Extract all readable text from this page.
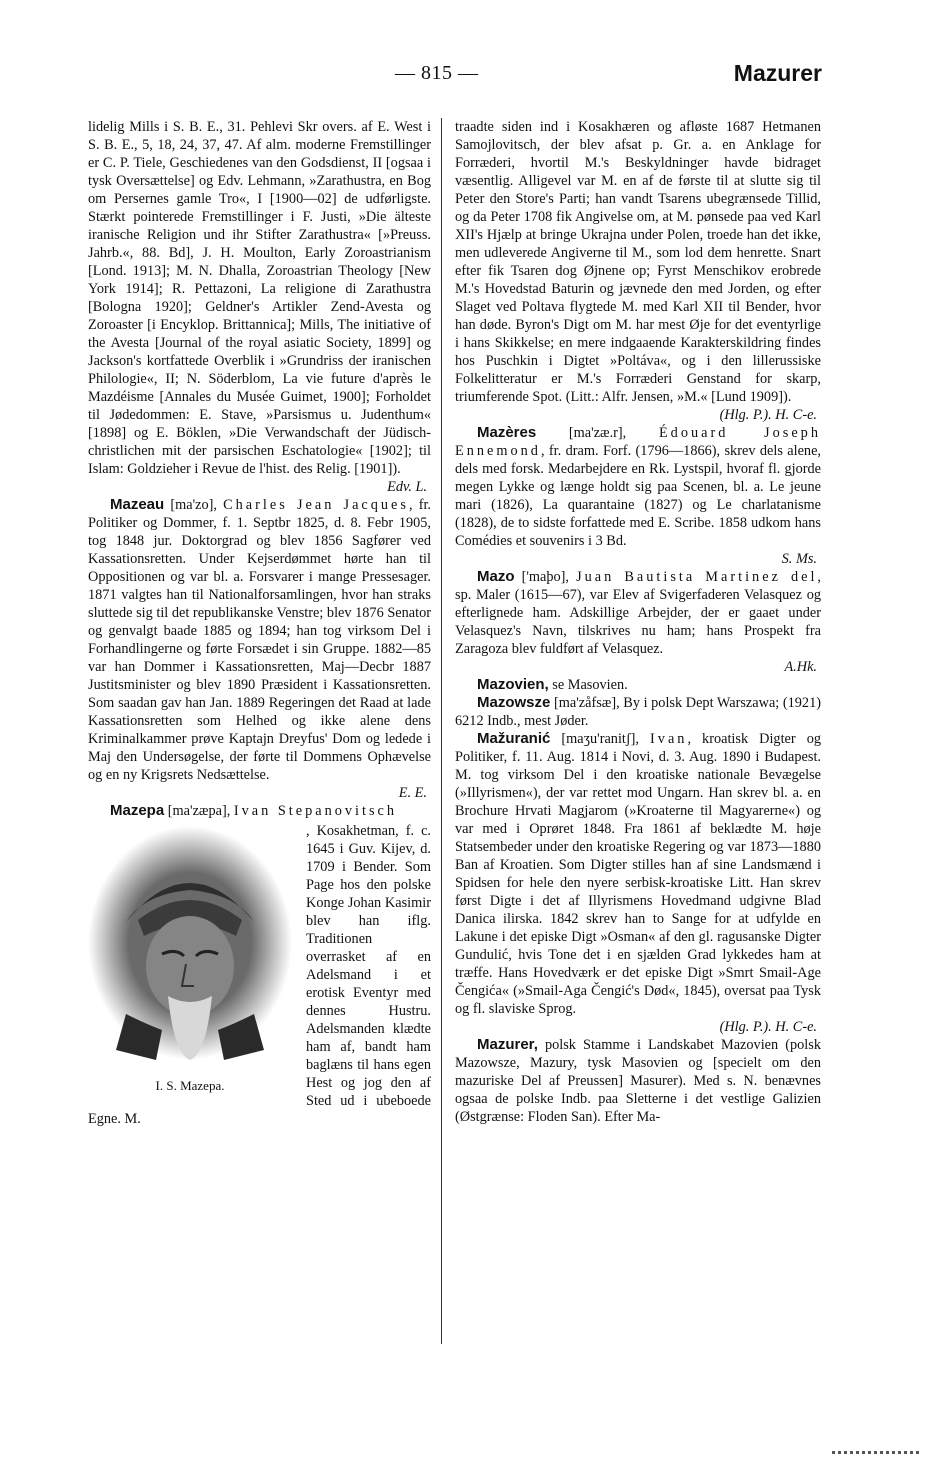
— 815 —	Mazurer

lidelig Mills i S. B. E., 31. Pehlevi Skr overs. af E. West i S. B. E., 5, 18, 24, 37, 47. Af alm. moderne Fremstillinger er C. P. Tiele, Geschiedenes van den Godsdienst, II [ogsaa i tysk Oversættelse] og Edv. Lehmann, »Zarathustra, en Bog om Persernes gamle Tro«, I [1900—02] de udførligste. Stærkt pointerede Fremstillinger i F. Justi, »Die älteste iranische Religion und ihr Stifter Zarathustra« [»Preuss. Jahrb.«, 88. Bd], J. H. Moulton, Early Zoroastrianism [Lond. 1913]; M. N. Dhalla, Zoroastrian Theology [New York 1914]; R. Pettazoni, La religione di Zarathustra [Bologna 1920]; Geldner's Artikler Zend-Avesta og Zoroaster [i Encyklop. Brittannica]; Mills, The initiative of the Avesta [Journal of the royal asiatic Society, 1899] og Jackson's kortfattede Overblik i »Grundriss der iranischen Philologie«, II; N. Söderblom, La vie future d'après le Mazdéisme [Annales du Musée Guimet, 1900]; Forholdet til Jødedommen: E. Stave, »Parsismus u. Judenthum« [1898] og E. Böklen, »Die Verwandschaft der Jüdisch-christlichen mit der parsischen Eschatologie« [1902]; til Islam: Goldzieher i Revue de l'hist. des Relig. [1901]).

Edv. L.

Mazeau [ma'zo], Charles Jean Jacques, fr. Politiker og Dommer, f. 1. Septbr 1825, d. 8. Febr 1905, tog 1848 jur. Doktorgrad og blev 1856 Sagfører ved Kassationsretten. Under Kejserdømmet hørte han til Oppositionen og var bl. a. Forsvarer i mange Pressesager. 1871 valgtes han til Nationalforsamlingen, hvor han straks sluttede sig til det republikanske Venstre; blev 1876 Senator og genvalgt baade 1885 og 1894; han tog virksom Del i Forhandlingerne og førte Forsædet i sin Gruppe. 1882—85 var han Dommer i Kassationsretten, Maj—Decbr 1887 Justitsminister og blev 1890 Præsident i Kassationsretten. Som saadan gav han Jan. 1889 Regeringen det Raad at lade Kassationsretten som Helhed og ikke alene dens Kriminalkammer prøve Kaptajn Dreyfus' Dom og ledede i Maj den Undersøgelse, der førte til Dommens Ophævelse og en ny Krigsrets Nedsættelse.

E. E.

Mazepa [ma'zæpa], Ivan Stepanovitsch

I. S. Mazepa.

, Kosakhetman, f. c. 1645 i Guv. Kijev, d. 1709 i Bender. Som Page hos den polske Konge Johan Kasimir blev han iflg. Traditionen overrasket af en Adelsmand i et erotisk Eventyr med dennes Hustru. Adelsmanden klædte ham af, bandt ham baglæns til hans egen Hest og jog den af Sted ud i ubeboede Egne. M.

traadte siden ind i Kosakhæren og afløste 1687 Hetmanen Samojlovitsch, der blev afsat p. Gr. a. en Anklage for Forræderi, hvortil M.'s Beskyldninger havde bidraget væsentlig. Alligevel var M. en af de første til at slutte sig til Peter den Store's Parti; han vandt Tsarens ubegrænsede Tillid, og da Peter 1708 fik Angivelse om, at M. pønsede paa ved Karl XII's Hjælp at bringe Ukrajna under Polen, troede han det ikke, men udleverede Angiverne til M., som lod dem henrette. Snart efter fik Tsaren dog Øjnene op; Fyrst Menschikov erobrede M.'s Hovedstad Baturin og jævnede den med Jorden, og efter Slaget ved Poltava flygtede M. med Karl XII til Bender, hvor han døde. Byron's Digt om M. har mest Øje for det eventyrlige i hans Skikkelse; en mere indgaaende Karakterskildring findes hos Puschkin i Digtet »Poltáva«, og i den lillerussiske Folkelitteratur er M.'s Forræderi Genstand for skarp, triumferende Spot. (Litt.: Alfr. Jensen, »M.« [Lund 1909]).

(Hlg. P.). H. C-e.

Mazères [ma'zæ.r], Édouard Joseph Ennemond, fr. dram. Forf. (1796—1866), skrev dels alene, dels med forsk. Medarbejdere en Rk. Lystspil, hvoraf fl. gjorde megen Lykke og længe holdt sig paa Scenen, bl. a. Le jeune mari (1826), La quarantaine (1827) og Le charlatanisme (1828), de to sidste forfattede med E. Scribe. 1858 udkom hans Comédies et souvenirs i 3 Bd.

S. Ms.

Mazo ['maþo], Juan Bautista Martinez del, sp. Maler (1615—67), var Elev af Svigerfaderen Velasquez og efterlignede ham. Adskillige Arbejder, der er gaaet under Velasquez's Navn, tilskrives nu ham; hans Prospekt fra Zaragoza blev fuldført af Velasquez.

A.Hk.

Mazovien, se Masovien.

Mazowsze [ma'zåfsæ], By i polsk Dept Warszawa; (1921) 6212 Indb., mest Jøder.

Mažuranić [maʒu'ranitʃ], Ivan, kroatisk Digter og Politiker, f. 11. Aug. 1814 i Novi, d. 3. Aug. 1890 i Budapest. M. tog virksom Del i den kroatiske nationale Bevægelse (»Illyrismen«), der var rettet mod Ungarn. Han skrev bl. a. en Brochure Hrvati Magjarom (»Kroaterne til Magyarerne«) og var med i Oprøret 1848. Fra 1861 af beklædte M. høje Statsembeder under den kroatiske Regering og var 1873—1880 Ban af Kroatien. Som Digter stilles han af sine Landsmænd i Spidsen for hele den nyere serbisk-kroatiske Litt. Han skrev først Digte i det af Illyrismens Hovedmand udgivne Blad Danica ilirska. 1842 skrev han to Sange for at udfylde en Lakune i det episke Digt »Osman« af den gl. ragusanske Digter Gundulić, hvis Tone det i en sjælden Grad lykkedes ham at træffe. Hans Hovedværk er det episke Digt »Smrt Smail-Age Čengića« (»Smail-Aga Čengić's Død«, 1845), oversat paa Tysk og fl. slaviske Sprog.

(Hlg. P.). H. C-e.

Mazurer, polsk Stamme i Landskabet Mazovien (polsk Mazowsze, Mazury, tysk Masovien og [specielt om den mazuriske Del af Preussen] Masurer). Med s. N. benævnes ogsaa de polske Indb. paa Sletterne i det vestlige Galizien (Østgrænse: Floden San). Efter Ma-
